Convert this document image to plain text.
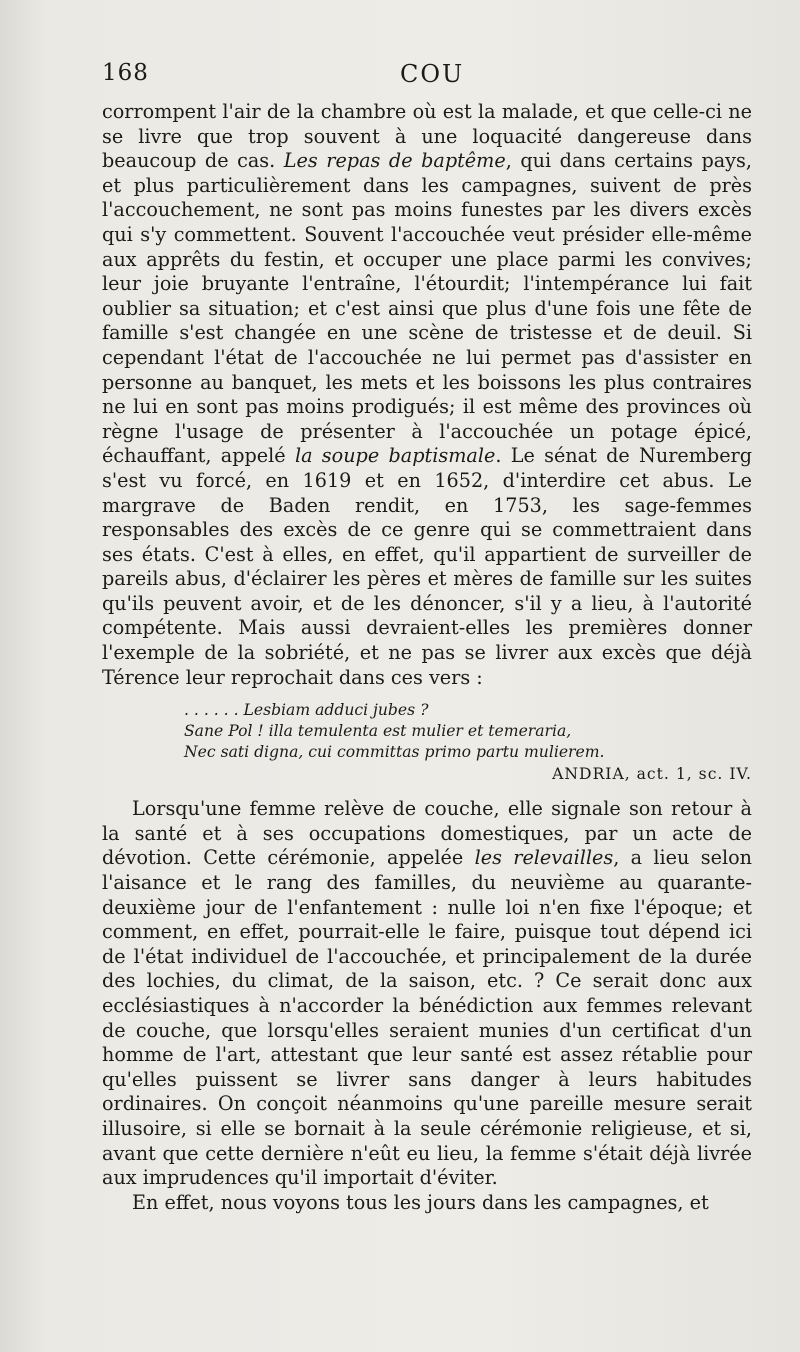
168	COU

corrompent l'air de la chambre où est la malade, et que celle-ci ne se livre que trop souvent à une loquacité dangereuse dans beaucoup de cas. Les repas de baptême, qui dans certains pays, et plus particulièrement dans les campagnes, suivent de près l'accouchement, ne sont pas moins funestes par les divers excès qui s'y commettent. Souvent l'accouchée veut présider elle-même aux apprêts du festin, et occuper une place parmi les convives; leur joie bruyante l'entraîne, l'étourdit; l'intempérance lui fait oublier sa situation; et c'est ainsi que plus d'une fois une fête de famille s'est changée en une scène de tristesse et de deuil. Si cependant l'état de l'accouchée ne lui permet pas d'assister en personne au banquet, les mets et les boissons les plus contraires ne lui en sont pas moins prodigués; il est même des provinces où règne l'usage de présenter à l'accouchée un potage épicé, échauffant, appelé la soupe baptismale. Le sénat de Nuremberg s'est vu forcé, en 1619 et en 1652, d'interdire cet abus. Le margrave de Baden rendit, en 1753, les sage-femmes responsables des excès de ce genre qui se commettraient dans ses états. C'est à elles, en effet, qu'il appartient de surveiller de pareils abus, d'éclairer les pères et mères de famille sur les suites qu'ils peuvent avoir, et de les dénoncer, s'il y a lieu, à l'autorité compétente. Mais aussi devraient-elles les premières donner l'exemple de la sobriété, et ne pas se livrer aux excès que déjà Térence leur reprochait dans ces vers :

. . . . . . Lesbiam adduci jubes ?
Sane Pol ! illa temulenta est mulier et temeraria,
Nec sati digna, cui committas primo partu mulierem.
ANDRIA, act. 1, sc. IV.

Lorsqu'une femme relève de couche, elle signale son retour à la santé et à ses occupations domestiques, par un acte de dévotion. Cette cérémonie, appelée les relevailles, a lieu selon l'aisance et le rang des familles, du neuvième au quarante-deuxième jour de l'enfantement : nulle loi n'en fixe l'époque; et comment, en effet, pourrait-elle le faire, puisque tout dépend ici de l'état individuel de l'accouchée, et principalement de la durée des lochies, du climat, de la saison, etc. ? Ce serait donc aux ecclésiastiques à n'accorder la bénédiction aux femmes relevant de couche, que lorsqu'elles seraient munies d'un certificat d'un homme de l'art, attestant que leur santé est assez rétablie pour qu'elles puissent se livrer sans danger à leurs habitudes ordinaires. On conçoit néanmoins qu'une pareille mesure serait illusoire, si elle se bornait à la seule cérémonie religieuse, et si, avant que cette dernière n'eût eu lieu, la femme s'était déjà livrée aux imprudences qu'il importait d'éviter.

En effet, nous voyons tous les jours dans les campagnes, et
